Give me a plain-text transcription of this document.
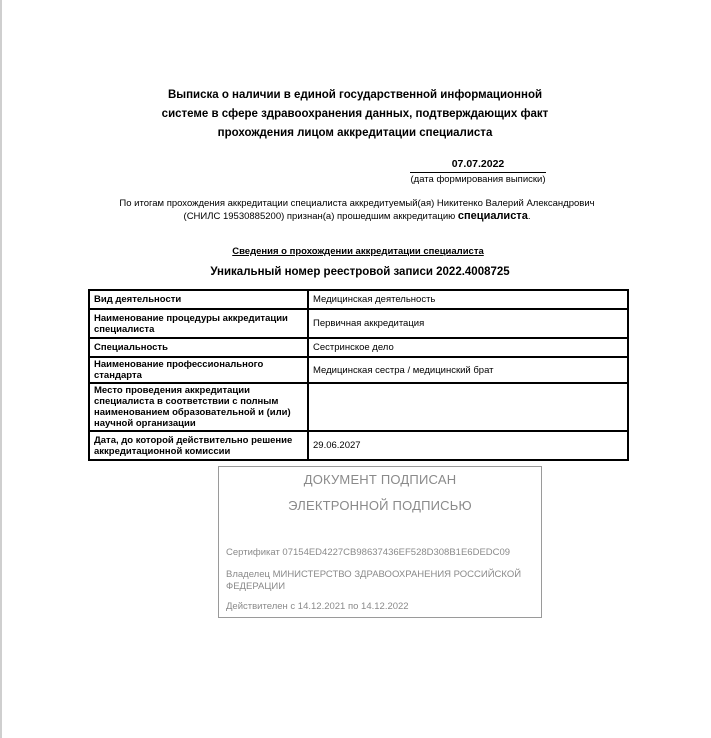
Выписка о наличии в единой государственной информационной
системе в сфере здравоохранения данных, подтверждающих факт
прохождения лицом аккредитации специалиста
07.07.2022
(дата формирования выписки)
По итогам прохождения аккредитации специалиста аккредитуемый(ая) Никитенко Валерий Александрович (СНИЛС 19530885200) признан(а) прошедшим аккредитацию специалиста.
Сведения о прохождении аккредитации специалиста
Уникальный номер реестровой записи 2022.4008725
Вид деятельности	Медицинская деятельность
Наименование процедуры аккредитации специалиста	Первичная аккредитация
Специальность	Сестринское дело
Наименование профессионального стандарта	Медицинская сестра / медицинский брат
Место проведения аккредитации специалиста в соответствии с полным наименованием образовательной и (или) научной организации	
Дата, до которой действительно решение аккредитационной комиссии	29.06.2027
ДОКУМЕНТ ПОДПИСАН
ЭЛЕКТРОННОЙ ПОДПИСЬЮ
Сертификат 07154ED4227CB98637436EF528D308B1E6DEDC09
Владелец МИНИСТЕРСТВО ЗДРАВООХРАНЕНИЯ РОССИЙСКОЙ ФЕДЕРАЦИИ
Действителен с 14.12.2021 по 14.12.2022
